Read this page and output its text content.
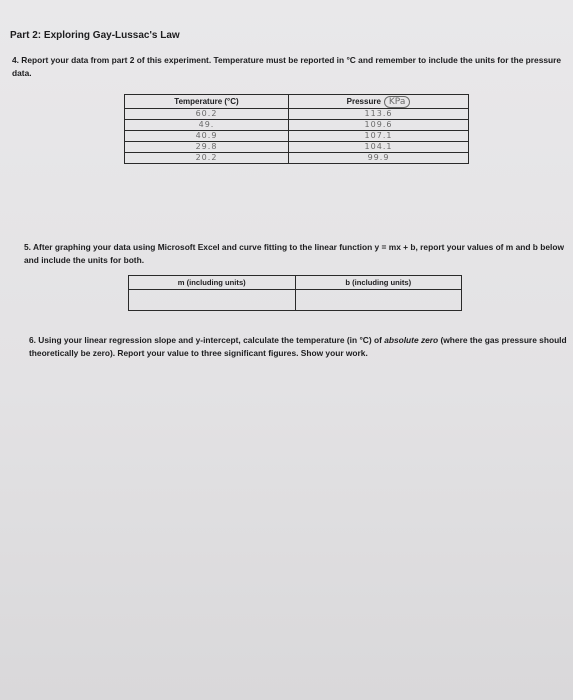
Part 2: Exploring Gay-Lussac's Law
4. Report your data from part 2 of this experiment. Temperature must be reported in °C and remember to include the units for the pressure data.
Temperature (°C)	Pressure KPa

60.2	113.6
49.	109.6
40.9	107.1
29.8	104.1
20.2	99.9
5. After graphing your data using Microsoft Excel and curve fitting to the linear function y = mx + b, report your values of m and b below and include the units for both.
m (including units)	b (including units)

6. Using your linear regression slope and y-intercept, calculate the temperature (in °C) of absolute zero (where the gas pressure should theoretically be zero). Report your value to three significant figures. Show your work.
